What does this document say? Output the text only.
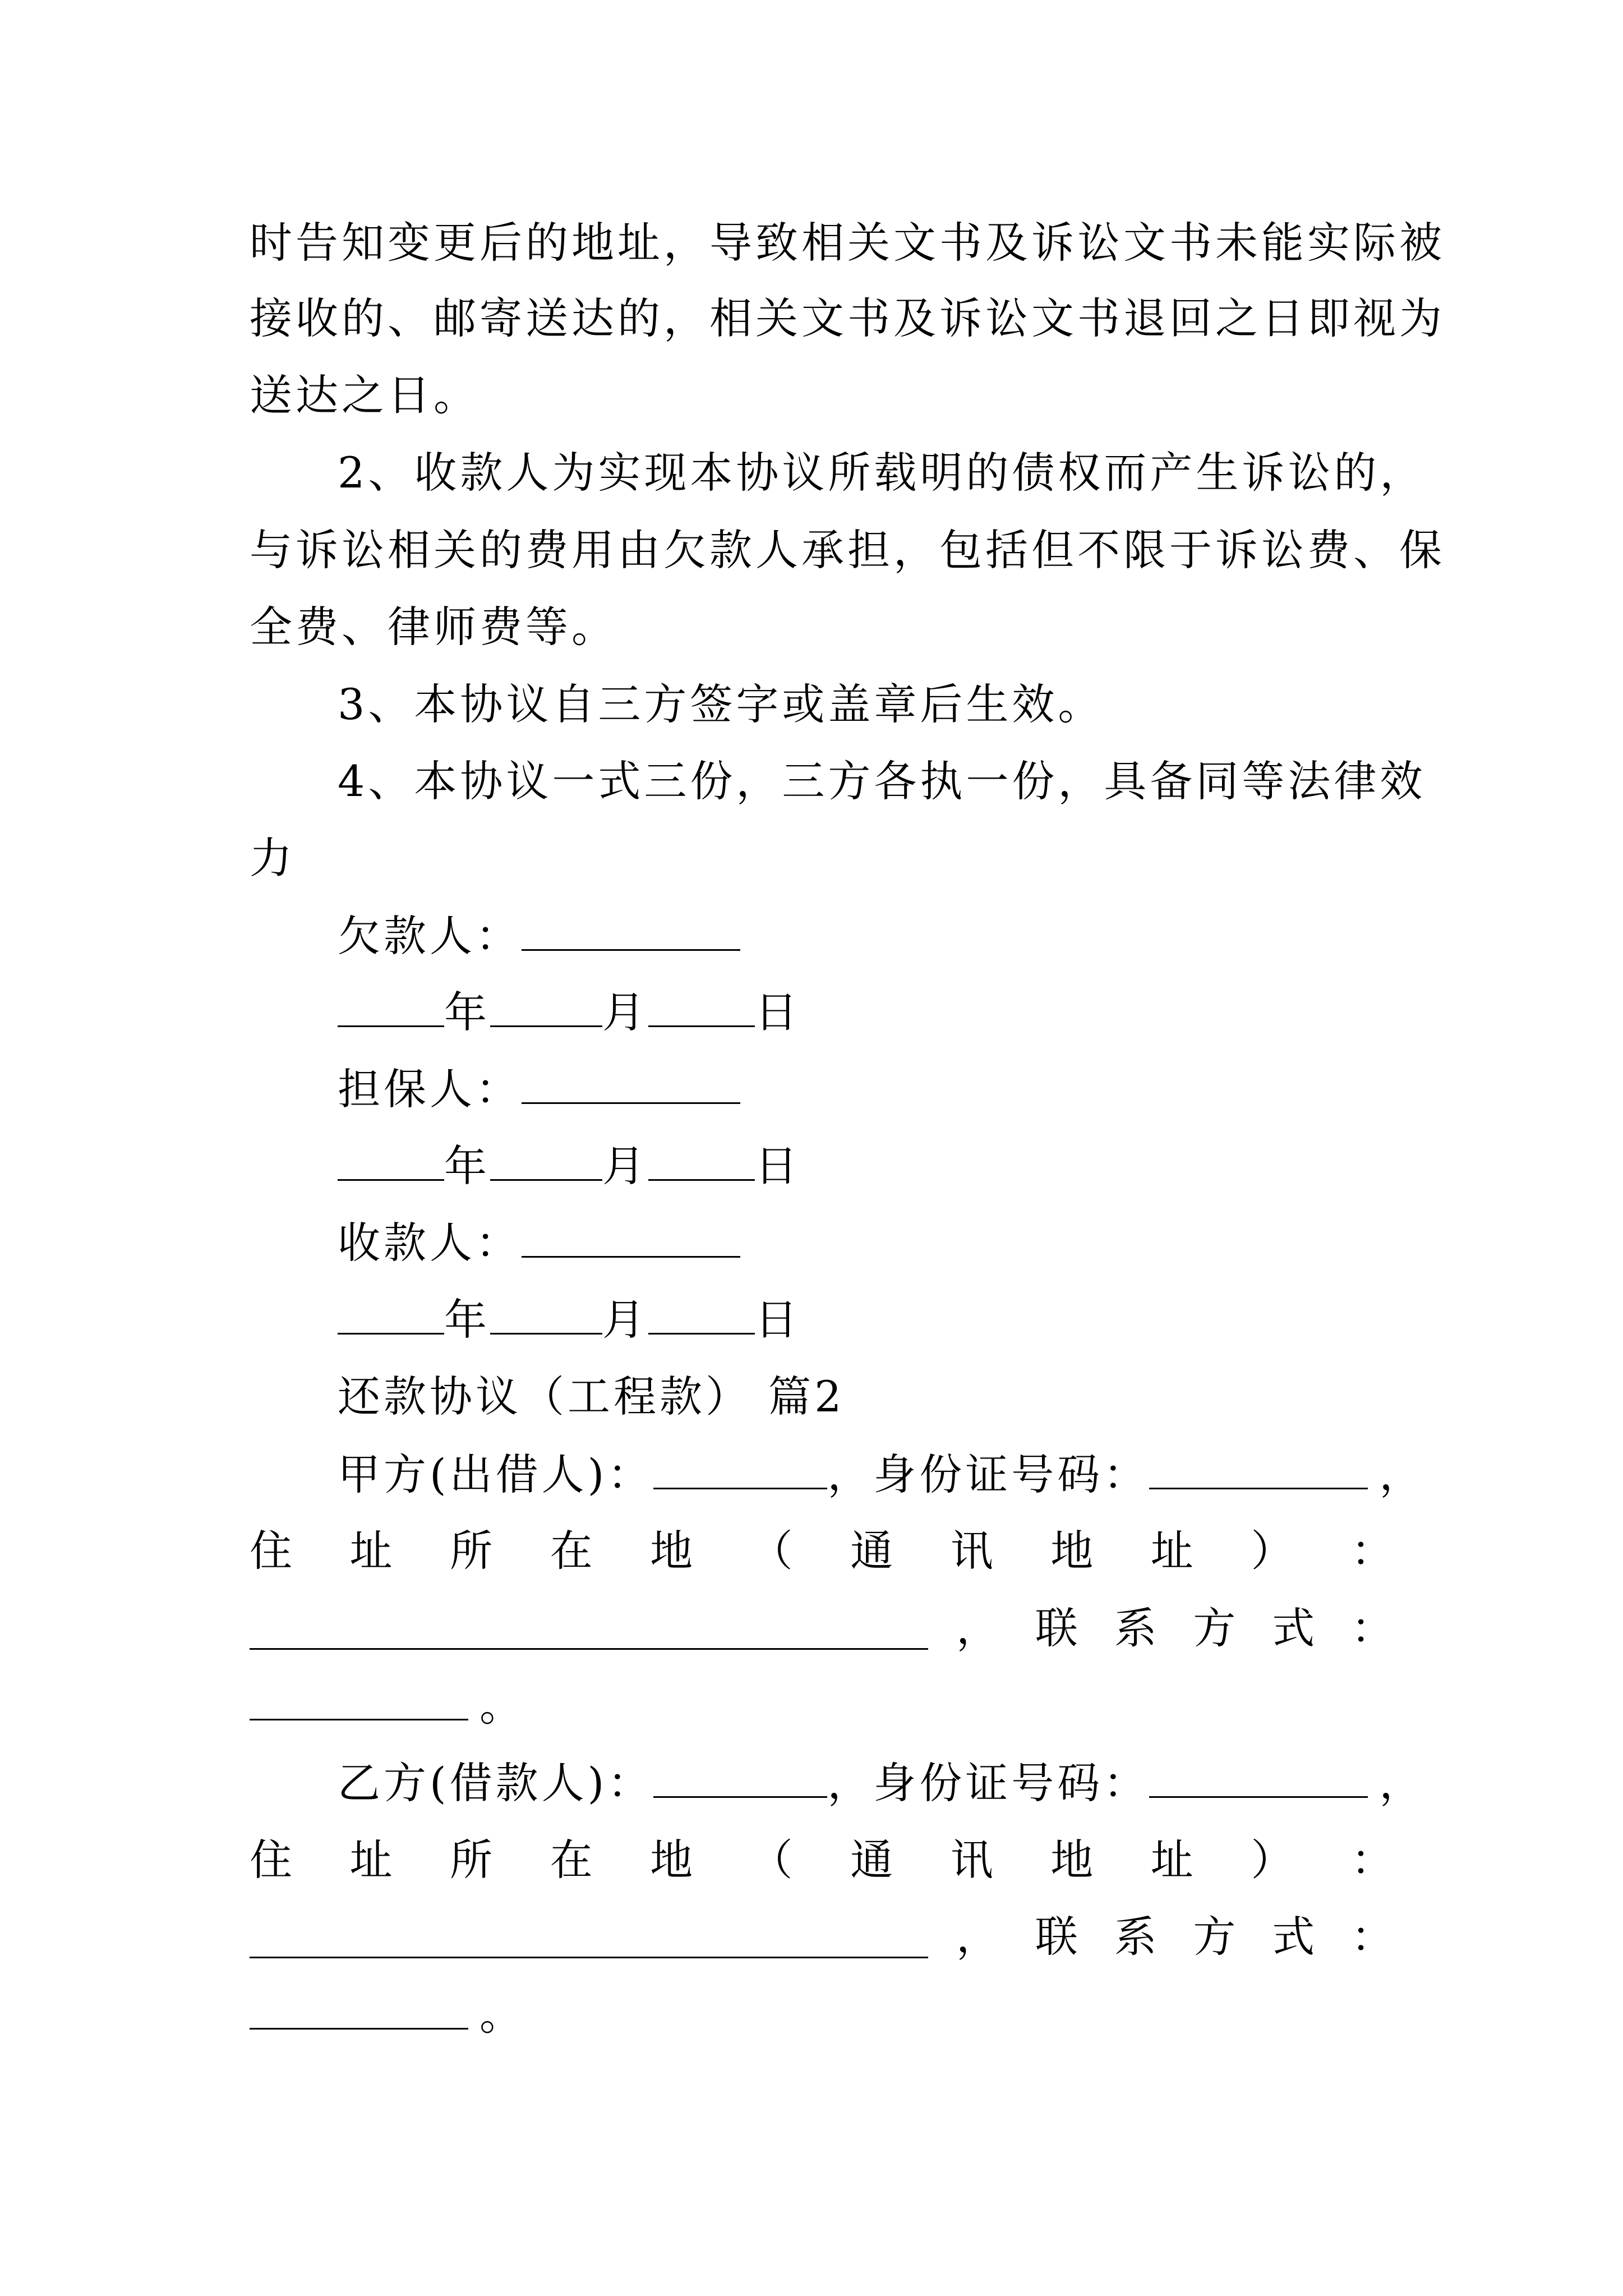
时告知变更后的地址，导致相关文书及诉讼文书未能实际被
接收的、邮寄送达的，相关文书及诉讼文书退回之日即视为
送达之日。
2、收款人为实现本协议所载明的债权而产生诉讼的，
与诉讼相关的费用由欠款人承担，包括但不限于诉讼费、保
全费、律师费等。
3、本协议自三方签字或盖章后生效。
4、本协议一式三份，三方各执一份，具备同等法律效
力
欠款人：
年	月	日
担保人：
年	月	日
收款人：
年	月	日
还款协议（工程款） 篇2
甲方(出借人)：	，身份证号码：	，
住 址 所 在 地 （ 通 讯 地 址 ） ：
， 联 系 方 式 ：
。
乙方(借款人)：	，身份证号码：	，
住 址 所 在 地 （ 通 讯 地 址 ） ：
， 联 系 方 式 ：
。
